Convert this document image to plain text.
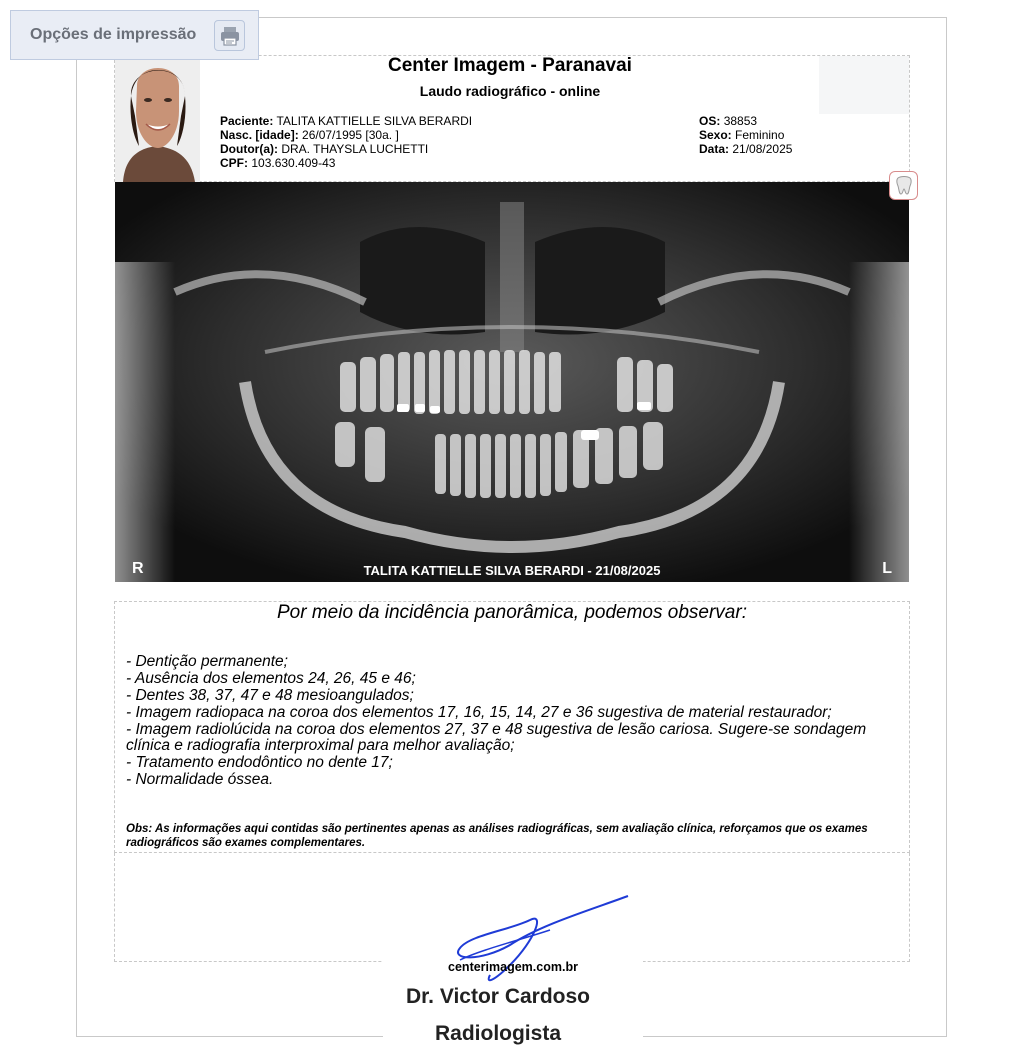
Opções de impressão
Center Imagem - Paranavai
Laudo radiográfico - online
Paciente: TALITA KATTIELLE SILVA BERARDI
Nasc. [idade]: 26/07/1995 [30a. ]
Doutor(a): DRA. THAYSLA LUCHETTI
CPF: 103.630.409-43
OS: 38853
Sexo: Feminino
Data: 21/08/2025
R	TALITA KATTIELLE SILVA BERARDI - 21/08/2025	L
Por meio da incidência panorâmica, podemos observar:
- Dentição permanente;
- Ausência dos elementos 24, 26, 45 e 46;
- Dentes 38, 37, 47 e 48 mesioangulados;
- Imagem radiopaca na coroa dos elementos 17, 16, 15, 14, 27 e 36 sugestiva de material restaurador;
- Imagem radiolúcida na coroa dos elementos 27, 37 e 48 sugestiva de lesão cariosa. Sugere-se sondagem clínica e radiografia interproximal para melhor avaliação;
- Tratamento endodôntico no dente 17;
- Normalidade óssea.
Obs: As informações aqui contidas são pertinentes apenas as análises radiográficas, sem avaliação clínica, reforçamos que os exames radiográficos são exames complementares.
centerimagem.com.br
Dr. Victor Cardoso
Radiologista
